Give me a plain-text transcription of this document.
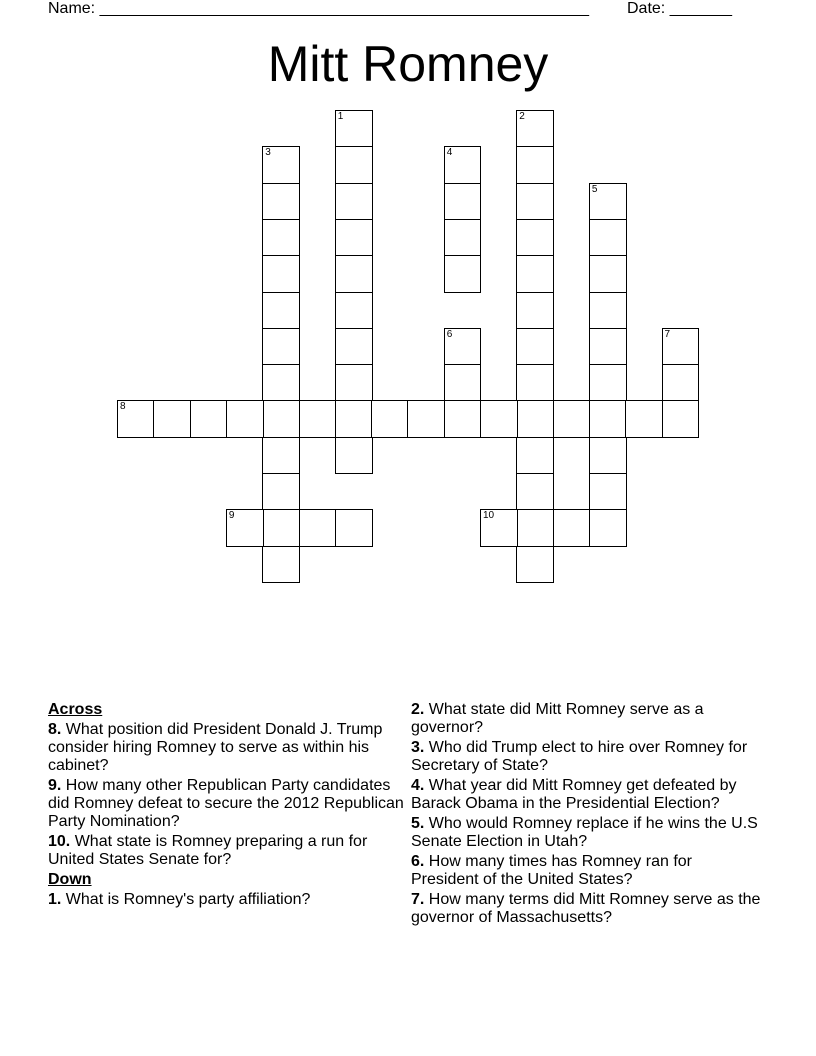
Name: _______________________________________________________ Date: _______
Mitt Romney
1	2
3	4
5
6	7
8
9	10
Across
8. What position did President Donald J. Trump consider hiring Romney to serve as within his cabinet?
9. How many other Republican Party candidates did Romney defeat to secure the 2012 Republican Party Nomination?
10. What state is Romney preparing a run for United States Senate for?
Down
1. What is Romney's party affiliation?
2. What state did Mitt Romney serve as a governor?
3. Who did Trump elect to hire over Romney for Secretary of State?
4. What year did Mitt Romney get defeated by Barack Obama in the Presidential Election?
5. Who would Romney replace if he wins the U.S Senate Election in Utah?
6. How many times has Romney ran for President of the United States?
7. How many terms did Mitt Romney serve as the governor of Massachusetts?
